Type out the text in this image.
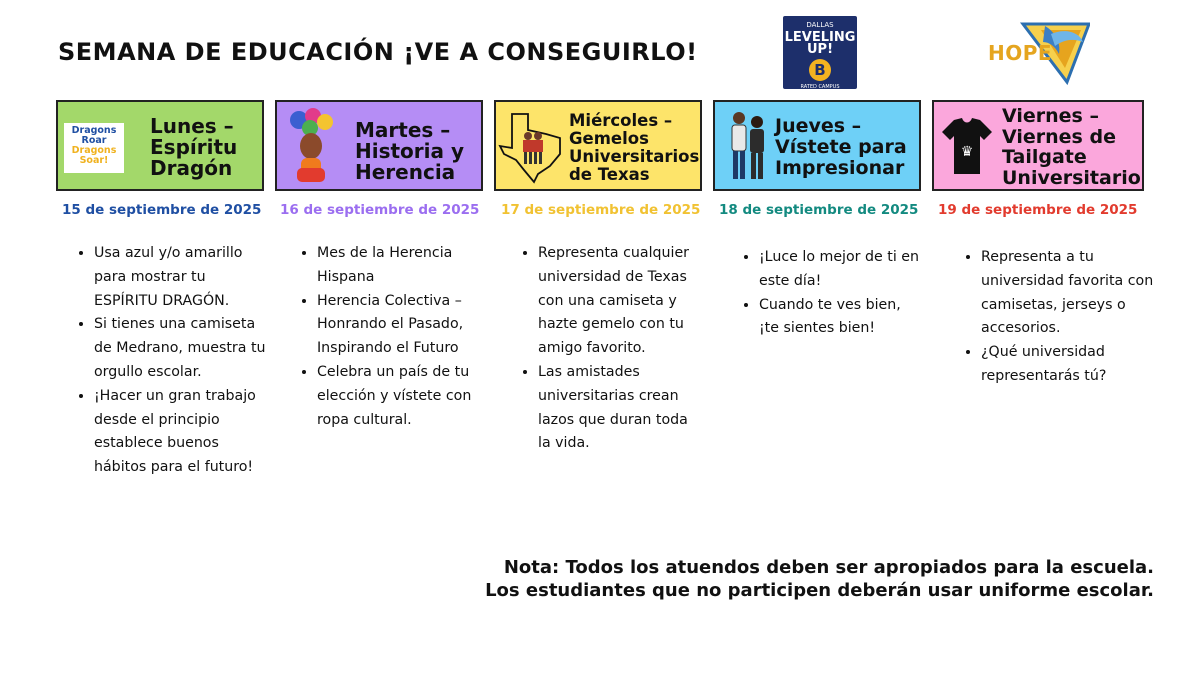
SEMANA DE EDUCACIÓN ¡VE A CONSEGUIRLO!
DALLAS
LEVELING UP!
B
RATED CAMPUS
HOPE
Dragons
Roar
Dragons
Soar!
Lunes –
Espíritu
Dragón
Martes –
Historia y
Herencia
Miércoles –
Gemelos
Universitarios
de Texas
Jueves –
Vístete para
Impresionar
♛
Viernes –
Viernes de
Tailgate
Universitario
15 de septiembre de 2025 16 de septiembre de 2025 17 de septiembre de 2025 18 de septiembre de 2025 19 de septiembre de 2025
• Usa azul y/o amarillo para mostrar tu ESPÍRITU DRAGÓN.
• Si tienes una camiseta de Medrano, muestra tu orgullo escolar.
• ¡Hacer un gran trabajo desde el principio establece buenos hábitos para el futuro!
• Mes de la Herencia Hispana
• Herencia Colectiva – Honrando el Pasado, Inspirando el Futuro
• Celebra un país de tu elección y vístete con ropa cultural.
• Representa cualquier universidad de Texas con una camiseta y hazte gemelo con tu amigo favorito.
• Las amistades universitarias crean lazos que duran toda la vida.
• ¡Luce lo mejor de ti en este día!
• Cuando te ves bien, ¡te sientes bien!
• Representa a tu universidad favorita con camisetas, jerseys o accesorios.
• ¿Qué universidad representarás tú?
Nota: Todos los atuendos deben ser apropiados para la escuela.
Los estudiantes que no participen deberán usar uniforme escolar.
